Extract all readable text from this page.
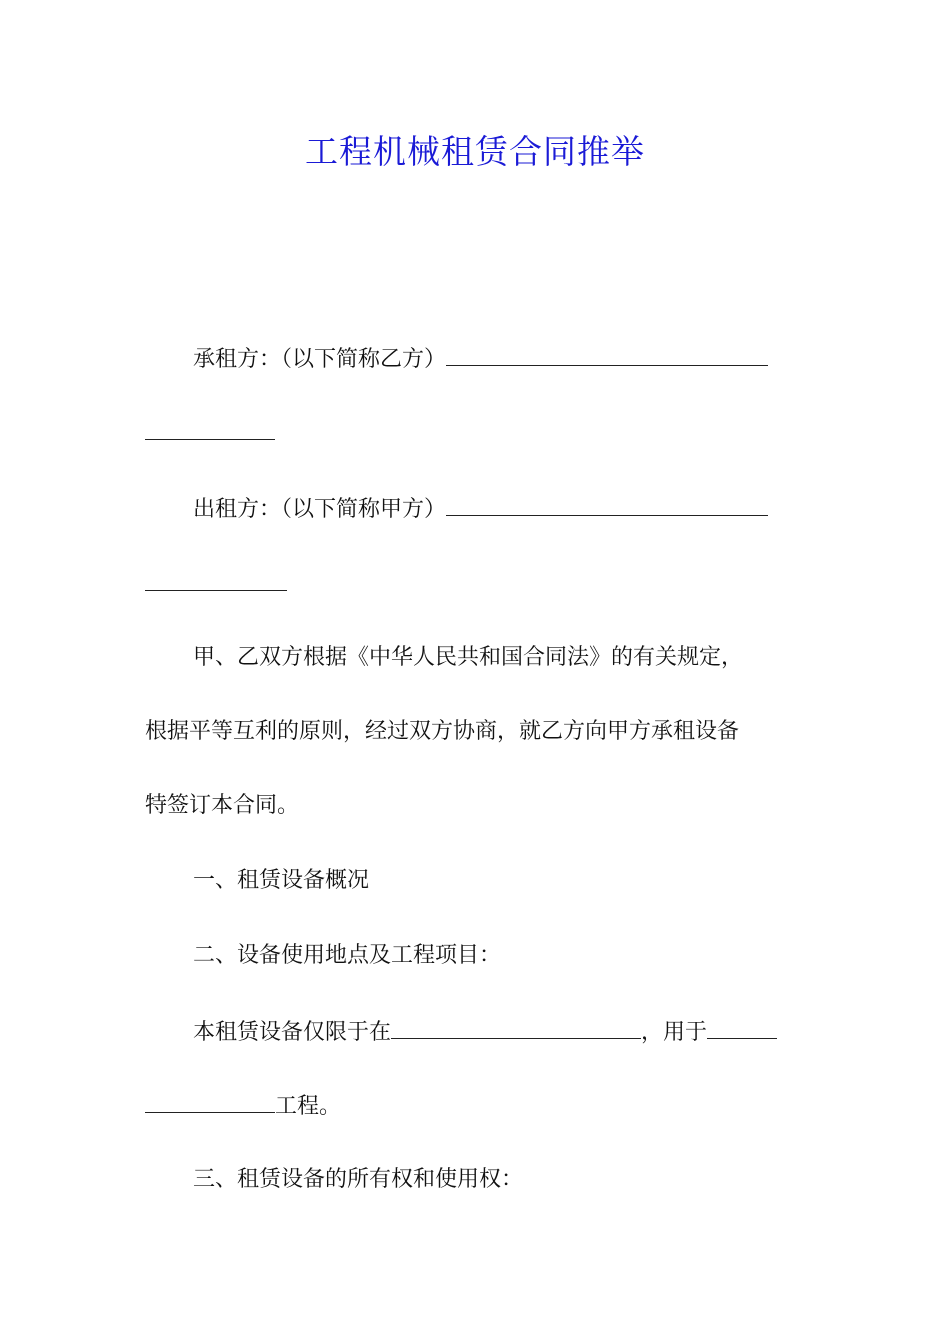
工程机械租赁合同推举
承租方：（以下简称乙方）
出租方：（以下简称甲方）
甲、乙双方根据《中华人民共和国合同法》的有关规定，
根据平等互利的原则，经过双方协商，就乙方向甲方承租设备
特签订本合同。
一、租赁设备概况
二、设备使用地点及工程项目：
本租赁设备仅限于在	，用于
工程。
三、租赁设备的所有权和使用权：
